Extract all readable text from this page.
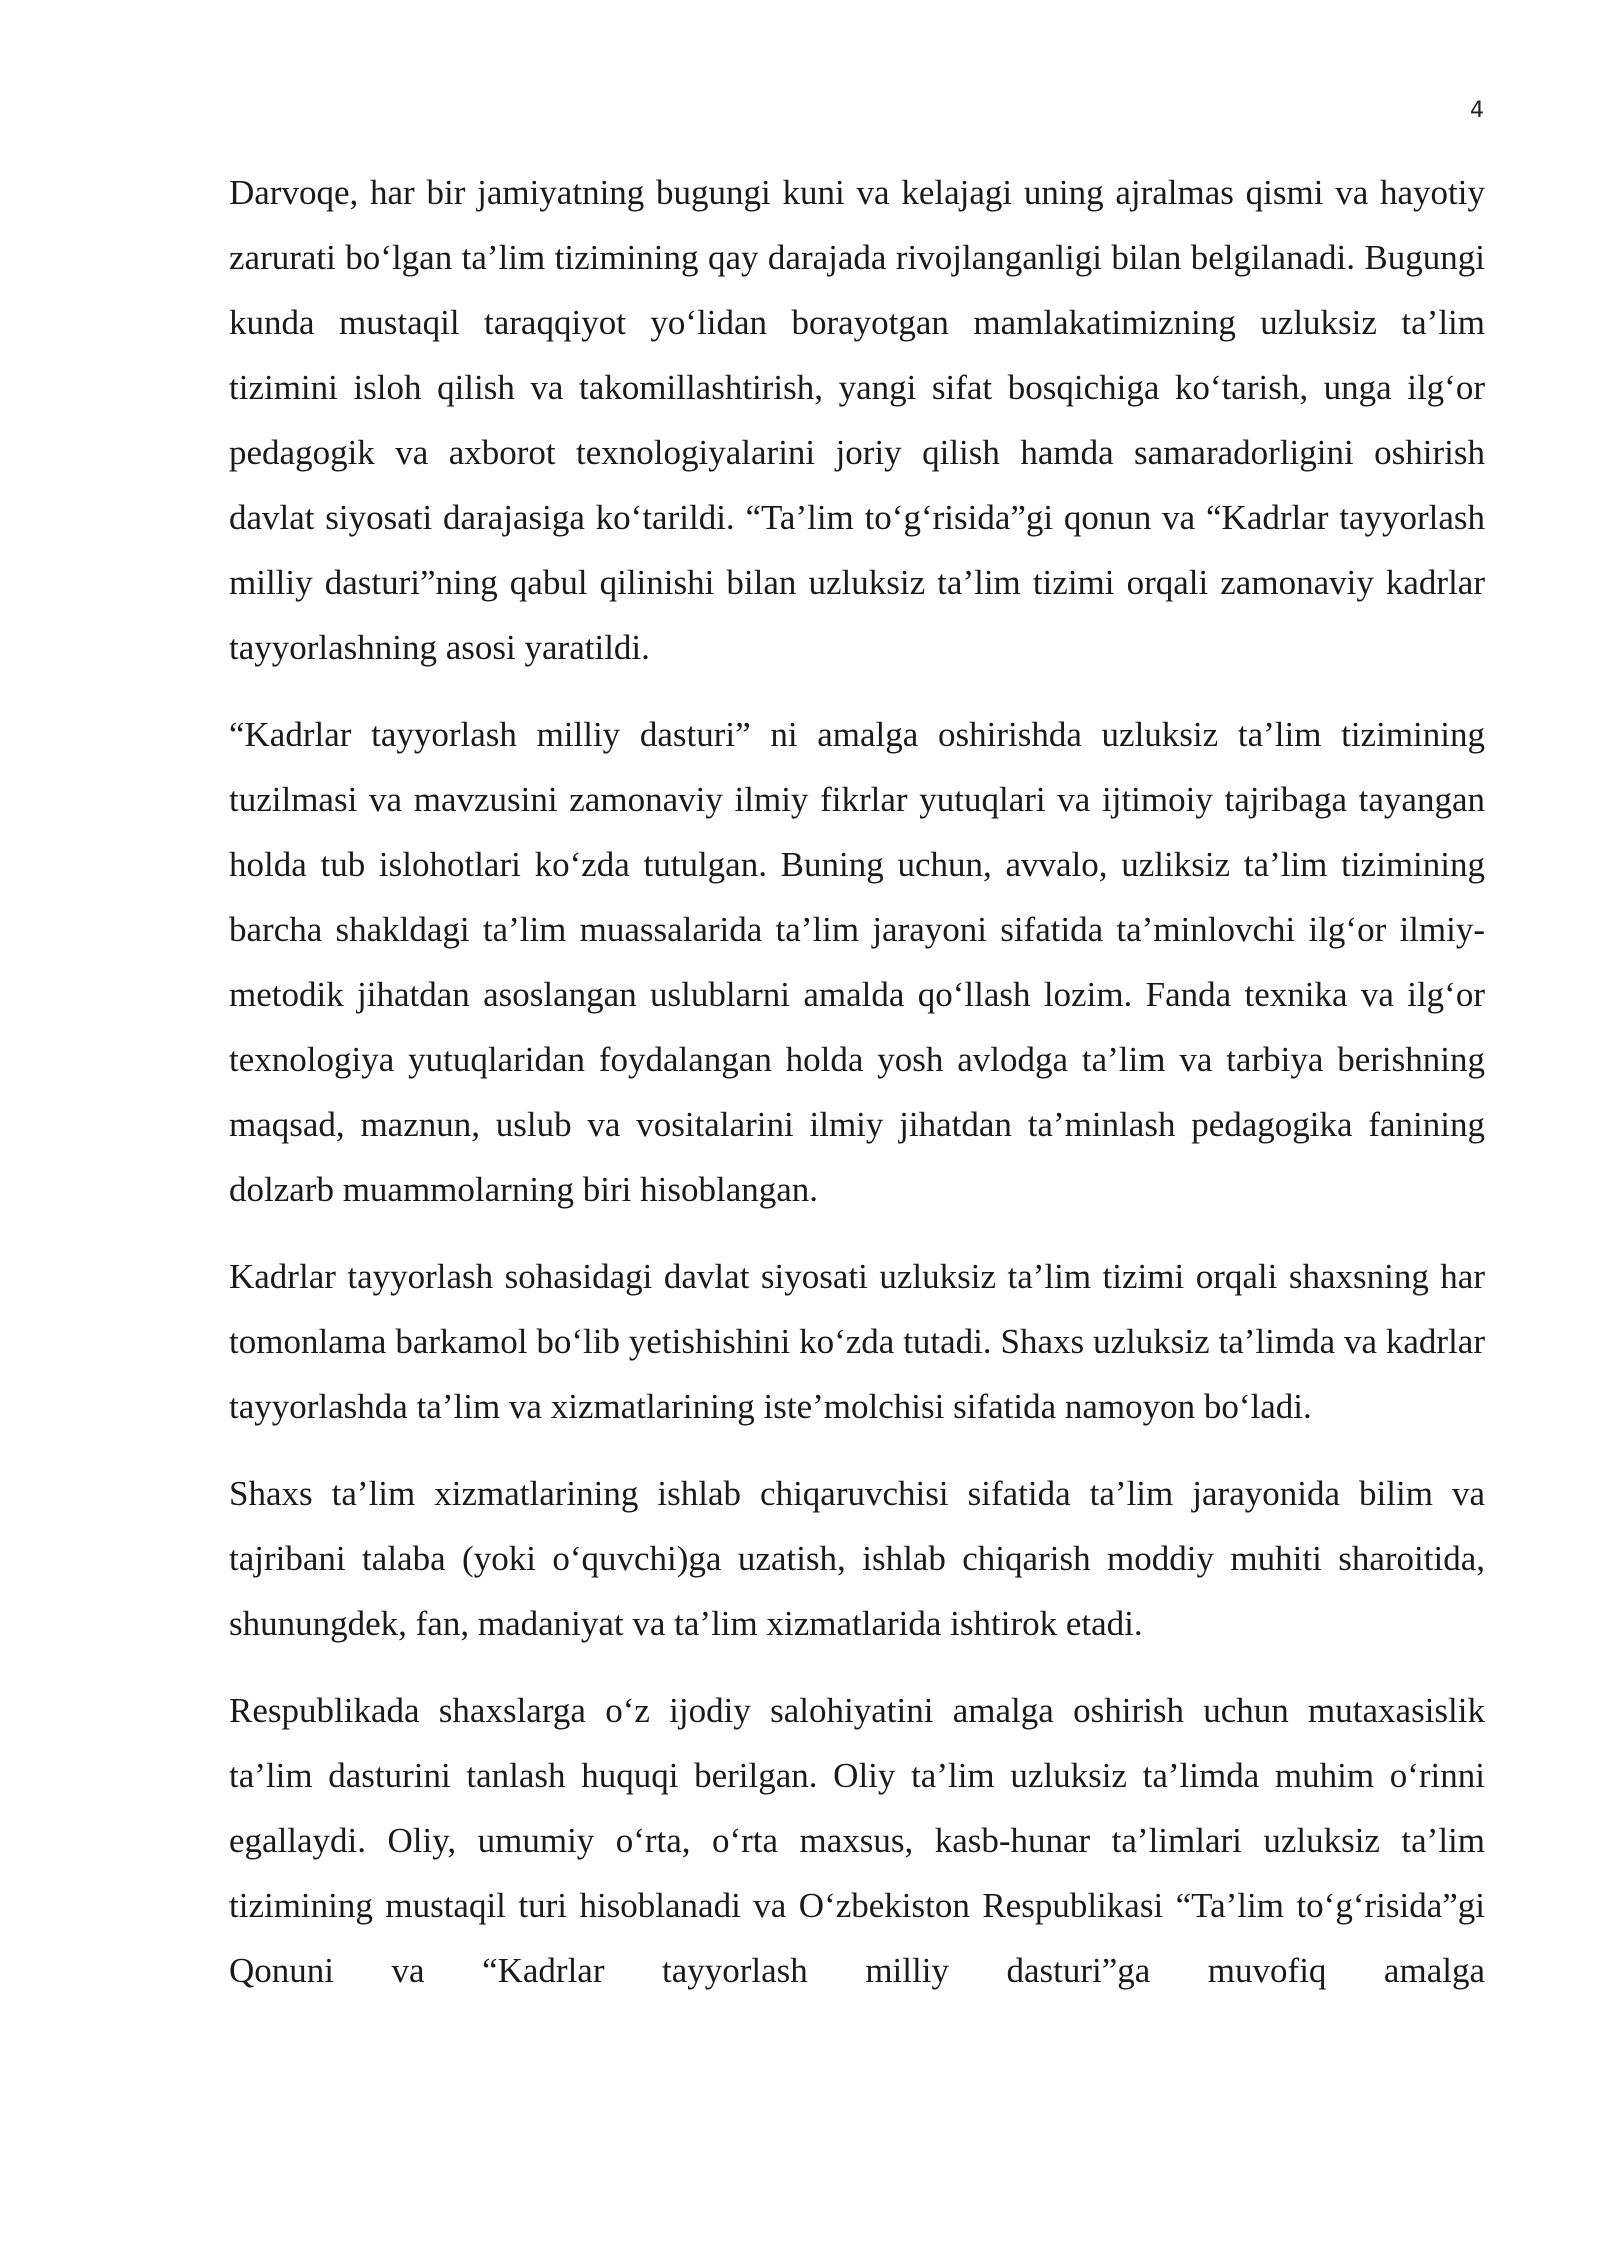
4

Darvoqe, har bir jamiyatning bugungi kuni va kelajagi uning ajralmas qismi va hayotiy zarurati bo‘lgan ta’lim tizimining qay darajada rivojlanganligi bilan belgilanadi. Bugungi kunda mustaqil taraqqiyot yo‘lidan borayotgan mamlakatimizning uzluksiz ta’lim tizimini isloh qilish va takomillashtirish, yangi sifat bosqichiga ko‘tarish, unga ilg‘or pedagogik va axborot texnologiyalarini joriy qilish hamda samaradorligini oshirish davlat siyosati darajasiga ko‘tarildi. “Ta’lim to‘g‘risida”gi qonun va “Kadrlar tayyorlash milliy dasturi”ning qabul qilinishi bilan uzluksiz ta’lim tizimi orqali zamonaviy kadrlar tayyorlashning asosi yaratildi.

“Kadrlar tayyorlash milliy dasturi” ni amalga oshirishda uzluksiz ta’lim tizimining tuzilmasi va mavzusini zamonaviy ilmiy fikrlar yutuqlari va ijtimoiy tajribaga tayangan holda tub islohotlari ko‘zda tutulgan. Buning uchun, avvalo, uzliksiz ta’lim tizimining barcha shakldagi ta’lim muassalarida ta’lim jarayoni sifatida ta’minlovchi ilg‘or ilmiy-metodik jihatdan asoslangan uslublarni amalda qo‘llash lozim. Fanda texnika va ilg‘or texnologiya yutuqlaridan foydalangan holda yosh avlodga ta’lim va tarbiya berishning maqsad, maznun, uslub va vositalarini ilmiy jihatdan ta’minlash pedagogika fanining dolzarb muammolarning biri hisoblangan.

Kadrlar tayyorlash sohasidagi davlat siyosati uzluksiz ta’lim tizimi orqali shaxsning har tomonlama barkamol bo‘lib yetishishini ko‘zda tutadi. Shaxs uzluksiz ta’limda va kadrlar tayyorlashda ta’lim va xizmatlarining iste’molchisi sifatida namoyon bo‘ladi.

Shaxs ta’lim xizmatlarining ishlab chiqaruvchisi sifatida ta’lim jarayonida bilim va tajribani talaba (yoki o‘quvchi)ga uzatish, ishlab chiqarish moddiy muhiti sharoitida, shunungdek, fan, madaniyat va ta’lim xizmatlarida ishtirok etadi.

Respublikada shaxslarga o‘z ijodiy salohiyatini amalga oshirish uchun mutaxasislik ta’lim dasturini tanlash huquqi berilgan. Oliy ta’lim uzluksiz ta’limda muhim o‘rinni egallaydi. Oliy, umumiy o‘rta, o‘rta maxsus, kasb-hunar ta’limlari uzluksiz ta’lim tizimining mustaqil turi hisoblanadi va O‘zbekiston Respublikasi “Ta’lim to‘g‘risida”gi Qonuni va “Kadrlar tayyorlash milliy dasturi”ga muvofiq amalga
